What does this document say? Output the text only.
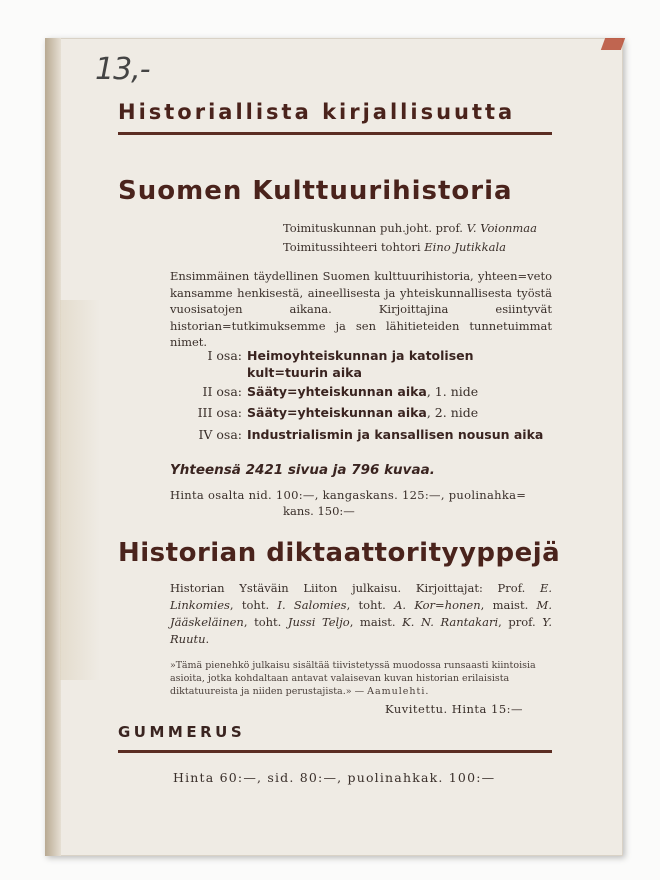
13,-
Historiallista kirjallisuutta
Suomen Kulttuurihistoria
Toimituskunnan puh.joht. prof. V. Voionmaa
Toimitussihteeri tohtori Eino Jutikkala
Ensimmäinen täydellinen Suomen kulttuurihistoria, yhteen=veto kansamme henkisestä, aineellisesta ja yhteiskunnallisesta työstä vuosisatojen aikana. Kirjoittajina esiintyvät historian=tutkimuksemme ja sen lähitieteiden tunnetuimmat nimet.
I osa: Heimoyhteiskunnan ja katolisen kult=tuurin aika
II osa: Sääty=yhteiskunnan aika, 1. nide
III osa: Sääty=yhteiskunnan aika, 2. nide
IV osa: Industrialismin ja kansallisen nousun aika
Yhteensä 2421 sivua ja 796 kuvaa.
Hinta osalta nid. 100:—, kangaskans. 125:—, puolinahka=
kans. 150:—
Historian diktaattorityyppejä
Historian Ystäväin Liiton julkaisu. Kirjoittajat: Prof. E. Linkomies, toht. I. Salomies, toht. A. Kor=honen, maist. M. Jääskeläinen, toht. Jussi Teljo, maist. K. N. Rantakari, prof. Y. Ruutu.
»Tämä pienehkö julkaisu sisältää tiivistetyssä muodossa runsaasti kiintoisia asioita, jotka kohdaltaan antavat valaisevan kuvan historian erilaisista diktatuureista ja niiden perustajista.» — Aamulehti.
Kuvitettu. Hinta 15:—
GUMMERUS
Hinta 60:—, sid. 80:—, puolinahkak. 100:—
